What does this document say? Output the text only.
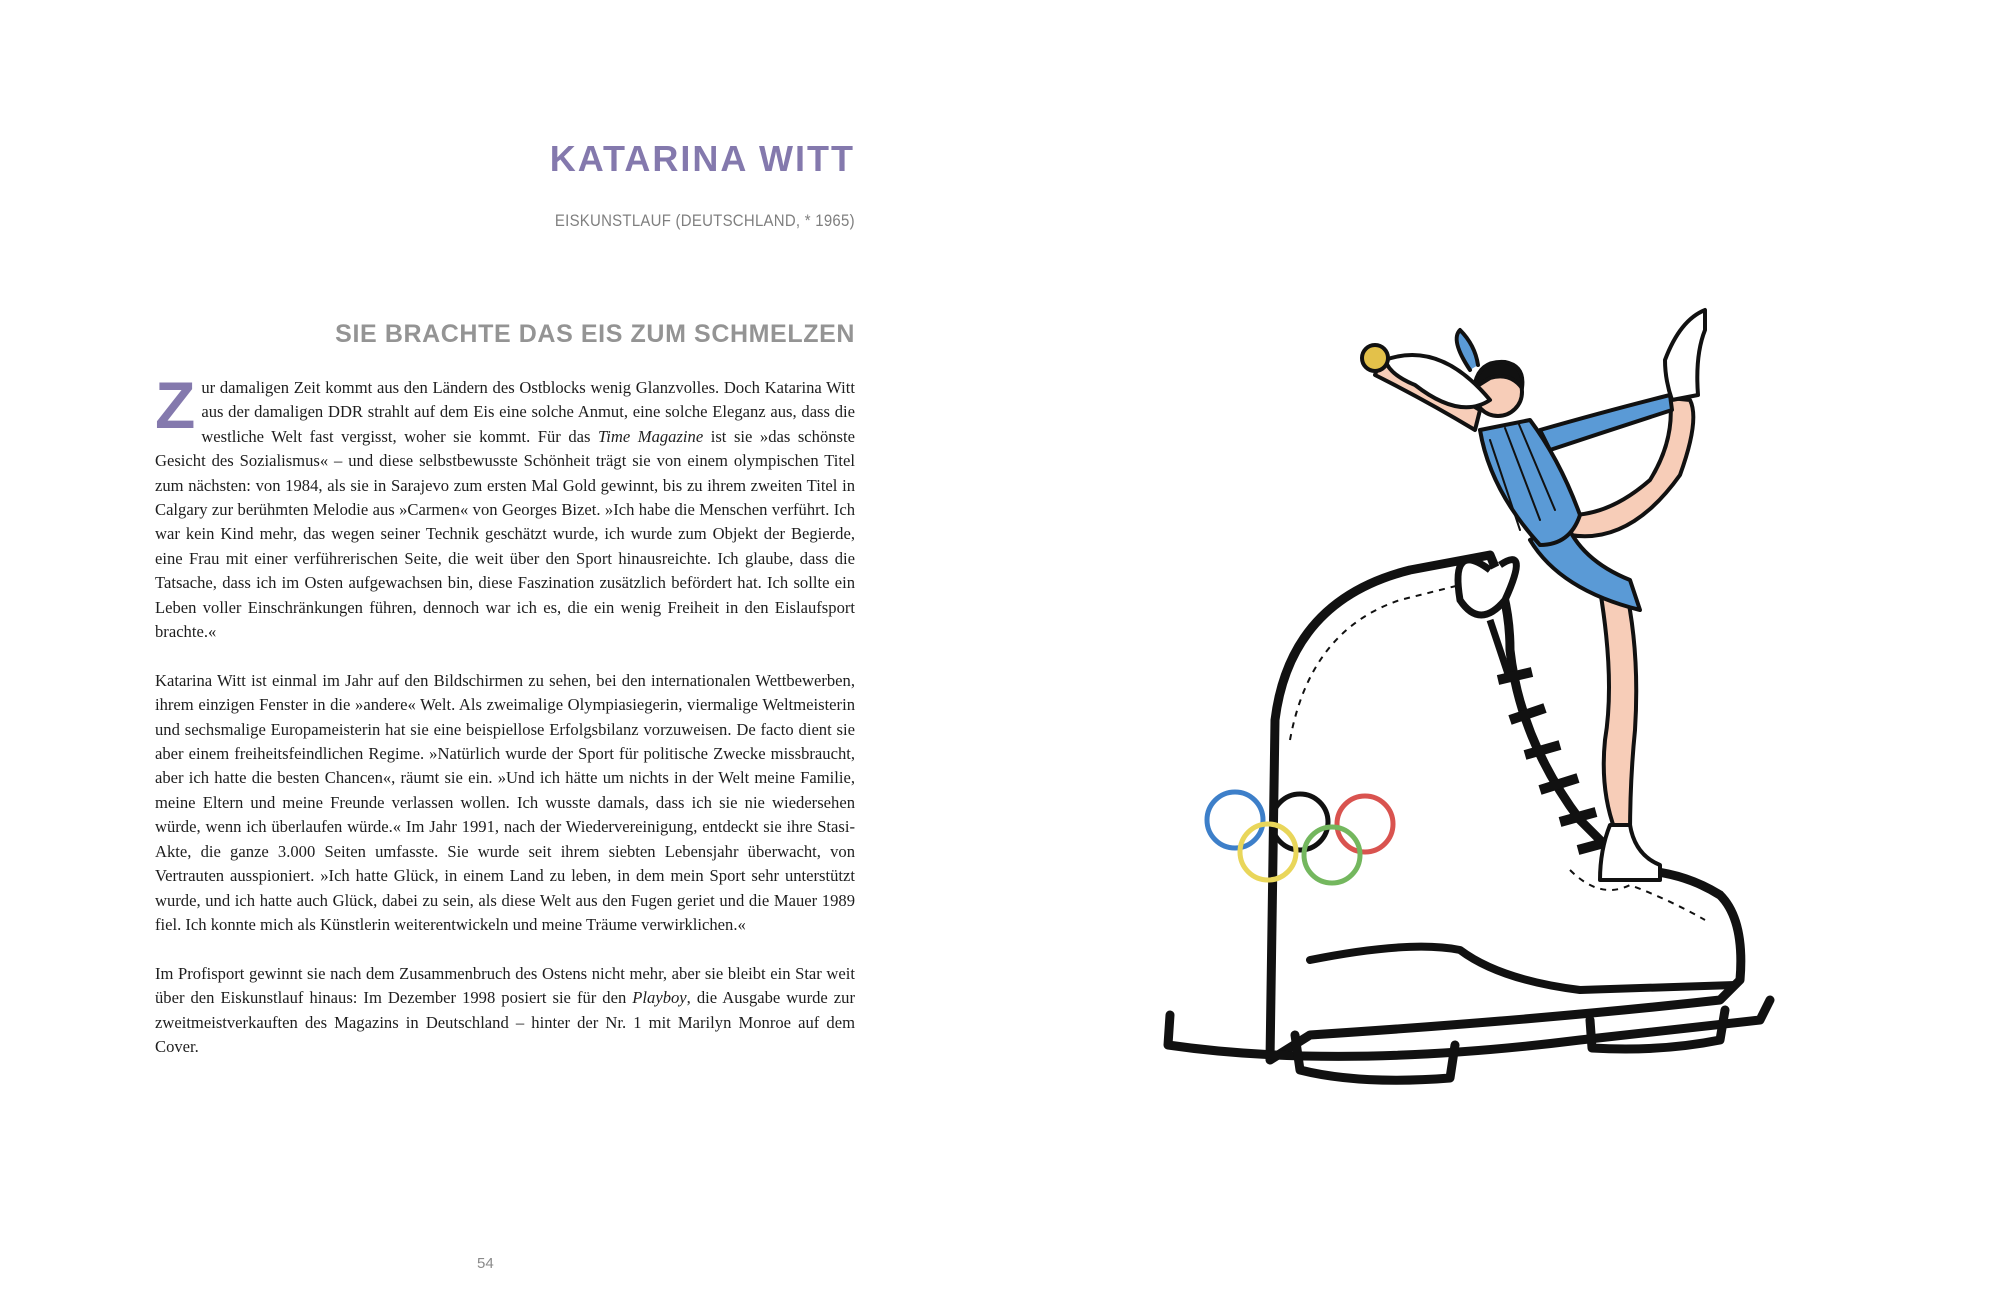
KATARINA WITT
EISKUNSTLAUF (DEUTSCHLAND, * 1965)
SIE BRACHTE DAS EIS ZUM SCHMELZEN

Zur damaligen Zeit kommt aus den Ländern des Ostblocks wenig Glanzvolles. Doch Katarina Witt aus der damaligen DDR strahlt auf dem Eis eine solche Anmut, eine solche Eleganz aus, dass die westliche Welt fast vergisst, woher sie kommt. Für das Time Magazine ist sie »das schönste Gesicht des Sozialismus« – und diese selbstbewusste Schönheit trägt sie von einem olympischen Titel zum nächsten: von 1984, als sie in Sarajevo zum ersten Mal Gold gewinnt, bis zu ihrem zweiten Titel in Calgary zur berühmten Melodie aus »Carmen« von Georges Bizet. »Ich habe die Menschen verführt. Ich war kein Kind mehr, das wegen seiner Technik geschätzt wurde, ich wurde zum Objekt der Begierde, eine Frau mit einer verführerischen Seite, die weit über den Sport hinausreichte. Ich glaube, dass die Tatsache, dass ich im Osten aufgewachsen bin, diese Faszination zusätzlich befördert hat. Ich sollte ein Leben voller Einschränkungen führen, dennoch war ich es, die ein wenig Freiheit in den Eislaufsport brachte.«

Katarina Witt ist einmal im Jahr auf den Bildschirmen zu sehen, bei den internationalen Wettbewerben, ihrem einzigen Fenster in die »andere« Welt. Als zweimalige Olympiasiegerin, viermalige Weltmeisterin und sechsmalige Europameisterin hat sie eine beispiellose Erfolgsbilanz vorzuweisen. De facto dient sie aber einem freiheitsfeindlichen Regime. »Natürlich wurde der Sport für politische Zwecke missbraucht, aber ich hatte die besten Chancen«, räumt sie ein. »Und ich hätte um nichts in der Welt meine Familie, meine Eltern und meine Freunde verlassen wollen. Ich wusste damals, dass ich sie nie wiedersehen würde, wenn ich überlaufen würde.« Im Jahr 1991, nach der Wiedervereinigung, entdeckt sie ihre Stasi-Akte, die ganze 3.000 Seiten umfasste. Sie wurde seit ihrem siebten Lebensjahr überwacht, von Vertrauten ausspioniert. »Ich hatte Glück, in einem Land zu leben, in dem mein Sport sehr unterstützt wurde, und ich hatte auch Glück, dabei zu sein, als diese Welt aus den Fugen geriet und die Mauer 1989 fiel. Ich konnte mich als Künstlerin weiterentwickeln und meine Träume verwirklichen.«

Im Profisport gewinnt sie nach dem Zusammenbruch des Ostens nicht mehr, aber sie bleibt ein Star weit über den Eiskunstlauf hinaus: Im Dezember 1998 posiert sie für den Playboy, die Ausgabe wurde zur zweitmeistverkauften des Magazins in Deutschland – hinter der Nr. 1 mit Marilyn Monroe auf dem Cover.

54
